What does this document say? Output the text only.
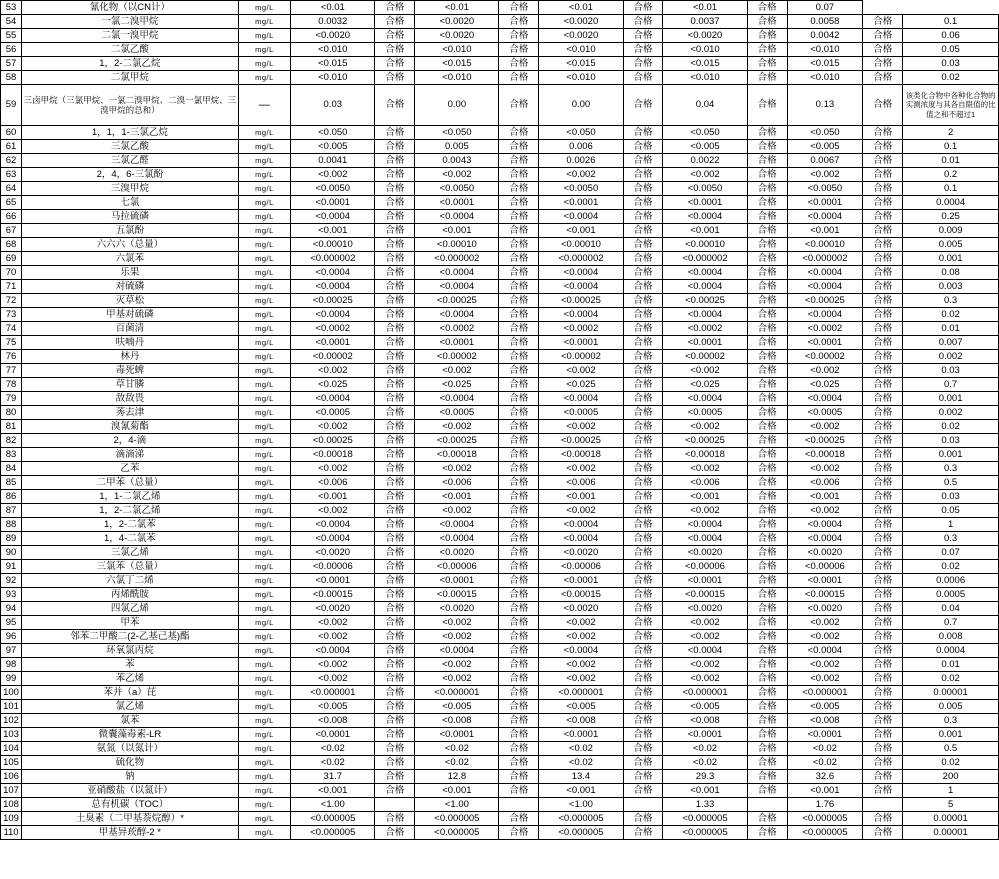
53	氰化物（以CN计）	mg/L	<0.01	合格	<0.01	合格	<0.01	合格	<0.01	合格	0.07		
54	一氯二溴甲烷	mg/L	0.0032	合格	<0.0020	合格	<0.0020	合格	0.0037	合格	0.0058	合格	0.1
55	二氯一溴甲烷	mg/L	<0.0020	合格	<0.0020	合格	<0.0020	合格	<0.0020	合格	0.0042	合格	0.06
56	二氯乙酸	mg/L	<0.010	合格	<0.010	合格	<0.010	合格	<0.010	合格	<0.010	合格	0.05
57	1，2-二氯乙烷	mg/L	<0.015	合格	<0.015	合格	<0.015	合格	<0.015	合格	<0.015	合格	0.03
58	二氯甲烷	mg/L	<0.010	合格	<0.010	合格	<0.010	合格	<0.010	合格	<0.010	合格	0.02
59	三卤甲烷（三氯甲烷、一氯二溴甲烷、二溴一氯甲烷、三溴甲烷的总和）	—	0.03	合格	0.00	合格	0.00	合格	0.04	合格	0.13	合格	该类化合物中各种化合物的实测浓度与其各自限值的比值之和不超过1
60	1，1，1-三氯乙烷	mg/L	<0.050	合格	<0.050	合格	<0.050	合格	<0.050	合格	<0.050	合格	2
61	三氯乙酸	mg/L	<0.005	合格	0.005	合格	0.006	合格	<0.005	合格	<0.005	合格	0.1
62	三氯乙醛	mg/L	0.0041	合格	0.0043	合格	0.0026	合格	0.0022	合格	0.0067	合格	0.01
63	2，4，6-三氯酚	mg/L	<0.002	合格	<0.002	合格	<0.002	合格	<0.002	合格	<0.002	合格	0.2
64	三溴甲烷	mg/L	<0.0050	合格	<0.0050	合格	<0.0050	合格	<0.0050	合格	<0.0050	合格	0.1
65	七氯	mg/L	<0.0001	合格	<0.0001	合格	<0.0001	合格	<0.0001	合格	<0.0001	合格	0.0004
66	马拉硫磷	mg/L	<0.0004	合格	<0.0004	合格	<0.0004	合格	<0.0004	合格	<0.0004	合格	0.25
67	五氯酚	mg/L	<0.001	合格	<0.001	合格	<0.001	合格	<0.001	合格	<0.001	合格	0.009
68	六六六（总量）	mg/L	<0.00010	合格	<0.00010	合格	<0.00010	合格	<0.00010	合格	<0.00010	合格	0.005
69	六氯苯	mg/L	<0.000002	合格	<0.000002	合格	<0.000002	合格	<0.000002	合格	<0.000002	合格	0.001
70	乐果	mg/L	<0.0004	合格	<0.0004	合格	<0.0004	合格	<0.0004	合格	<0.0004	合格	0.08
71	对硫磷	mg/L	<0.0004	合格	<0.0004	合格	<0.0004	合格	<0.0004	合格	<0.0004	合格	0.003
72	灭草松	mg/L	<0.00025	合格	<0.00025	合格	<0.00025	合格	<0.00025	合格	<0.00025	合格	0.3
73	甲基对硫磷	mg/L	<0.0004	合格	<0.0004	合格	<0.0004	合格	<0.0004	合格	<0.0004	合格	0.02
74	百菌清	mg/L	<0.0002	合格	<0.0002	合格	<0.0002	合格	<0.0002	合格	<0.0002	合格	0.01
75	呋喃丹	mg/L	<0.0001	合格	<0.0001	合格	<0.0001	合格	<0.0001	合格	<0.0001	合格	0.007
76	林丹	mg/L	<0.00002	合格	<0.00002	合格	<0.00002	合格	<0.00002	合格	<0.00002	合格	0.002
77	毒死蜱	mg/L	<0.002	合格	<0.002	合格	<0.002	合格	<0.002	合格	<0.002	合格	0.03
78	草甘膦	mg/L	<0.025	合格	<0.025	合格	<0.025	合格	<0.025	合格	<0.025	合格	0.7
79	敌敌畏	mg/L	<0.0004	合格	<0.0004	合格	<0.0004	合格	<0.0004	合格	<0.0004	合格	0.001
80	莠去津	mg/L	<0.0005	合格	<0.0005	合格	<0.0005	合格	<0.0005	合格	<0.0005	合格	0.002
81	溴氰菊酯	mg/L	<0.002	合格	<0.002	合格	<0.002	合格	<0.002	合格	<0.002	合格	0.02
82	2，4-滴	mg/L	<0.00025	合格	<0.00025	合格	<0.00025	合格	<0.00025	合格	<0.00025	合格	0.03
83	滴滴涕	mg/L	<0.00018	合格	<0.00018	合格	<0.00018	合格	<0.00018	合格	<0.00018	合格	0.001
84	乙苯	mg/L	<0.002	合格	<0.002	合格	<0.002	合格	<0.002	合格	<0.002	合格	0.3
85	二甲苯（总量）	mg/L	<0.006	合格	<0.006	合格	<0.006	合格	<0.006	合格	<0.006	合格	0.5
86	1，1-二氯乙烯	mg/L	<0.001	合格	<0.001	合格	<0.001	合格	<0.001	合格	<0.001	合格	0.03
87	1，2-二氯乙烯	mg/L	<0.002	合格	<0.002	合格	<0.002	合格	<0.002	合格	<0.002	合格	0.05
88	1，2-二氯苯	mg/L	<0.0004	合格	<0.0004	合格	<0.0004	合格	<0.0004	合格	<0.0004	合格	1
89	1，4-二氯苯	mg/L	<0.0004	合格	<0.0004	合格	<0.0004	合格	<0.0004	合格	<0.0004	合格	0.3
90	三氯乙烯	mg/L	<0.0020	合格	<0.0020	合格	<0.0020	合格	<0.0020	合格	<0.0020	合格	0.07
91	三氯苯（总量）	mg/L	<0.00006	合格	<0.00006	合格	<0.00006	合格	<0.00006	合格	<0.00006	合格	0.02
92	六氯丁二烯	mg/L	<0.0001	合格	<0.0001	合格	<0.0001	合格	<0.0001	合格	<0.0001	合格	0.0006
93	丙烯酰胺	mg/L	<0.00015	合格	<0.00015	合格	<0.00015	合格	<0.00015	合格	<0.00015	合格	0.0005
94	四氯乙烯	mg/L	<0.0020	合格	<0.0020	合格	<0.0020	合格	<0.0020	合格	<0.0020	合格	0.04
95	甲苯	mg/L	<0.002	合格	<0.002	合格	<0.002	合格	<0.002	合格	<0.002	合格	0.7
96	邻苯二甲酸二(2-乙基己基)酯	mg/L	<0.002	合格	<0.002	合格	<0.002	合格	<0.002	合格	<0.002	合格	0.008
97	环氧氯丙烷	mg/L	<0.0004	合格	<0.0004	合格	<0.0004	合格	<0.0004	合格	<0.0004	合格	0.0004
98	苯	mg/L	<0.002	合格	<0.002	合格	<0.002	合格	<0.002	合格	<0.002	合格	0.01
99	苯乙烯	mg/L	<0.002	合格	<0.002	合格	<0.002	合格	<0.002	合格	<0.002	合格	0.02
100	苯并（a）芘	mg/L	<0.000001	合格	<0.000001	合格	<0.000001	合格	<0.000001	合格	<0.000001	合格	0.00001
101	氯乙烯	mg/L	<0.005	合格	<0.005	合格	<0.005	合格	<0.005	合格	<0.005	合格	0.005
102	氯苯	mg/L	<0.008	合格	<0.008	合格	<0.008	合格	<0.008	合格	<0.008	合格	0.3
103	微囊藻毒素-LR	mg/L	<0.0001	合格	<0.0001	合格	<0.0001	合格	<0.0001	合格	<0.0001	合格	0.001
104	氨氮（以氮计）	mg/L	<0.02	合格	<0.02	合格	<0.02	合格	<0.02	合格	<0.02	合格	0.5
105	硫化物	mg/L	<0.02	合格	<0.02	合格	<0.02	合格	<0.02	合格	<0.02	合格	0.02
106	钠	mg/L	31.7	合格	12.8	合格	13.4	合格	29.3	合格	32.6	合格	200
107	亚硝酸盐（以氮计）	mg/L	<0.001	合格	<0.001	合格	<0.001	合格	<0.001	合格	<0.001	合格	1
108	总有机碳（TOC）	mg/L	<1.00		<1.00		<1.00		1.33		1.76		5
109	土臭素（二甲基萘烷醇）*	mg/L	<0.000005	合格	<0.000005	合格	<0.000005	合格	<0.000005	合格	<0.000005	合格	0.00001
110	甲基异莰醇-2 *	mg/L	<0.000005	合格	<0.000005	合格	<0.000005	合格	<0.000005	合格	<0.000005	合格	0.00001
